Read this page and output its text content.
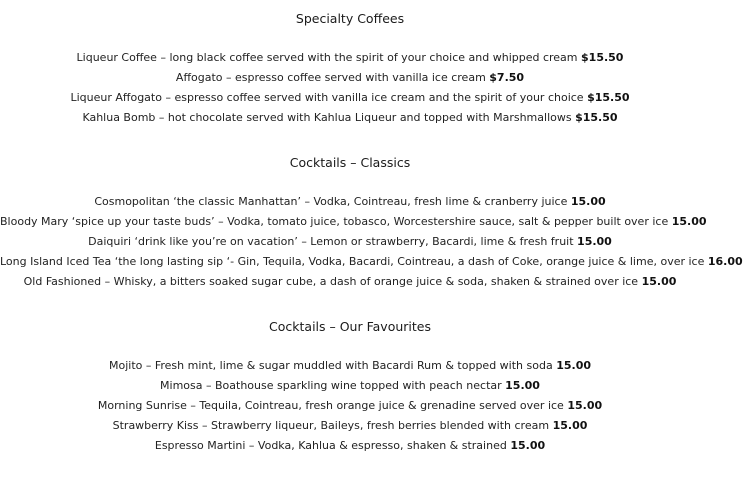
Specialty Coffees
Liqueur Coffee – long black coffee served with the spirit of your choice and whipped cream $15.50
Affogato – espresso coffee served with vanilla ice cream $7.50
Liqueur Affogato – espresso coffee served with vanilla ice cream and the spirit of your choice $15.50
Kahlua Bomb – hot chocolate served with Kahlua Liqueur and topped with Marshmallows $15.50
Cocktails – Classics
Cosmopolitan ‘the classic Manhattan’ – Vodka, Cointreau, fresh lime & cranberry juice 15.00
Bloody Mary ‘spice up your taste buds’ – Vodka, tomato juice, tobasco, Worcestershire sauce, salt & pepper built over ice 15.00
Daiquiri ‘drink like you’re on vacation’ – Lemon or strawberry, Bacardi, lime & fresh fruit 15.00
Long Island Iced Tea ‘the long lasting sip ‘- Gin, Tequila, Vodka, Bacardi, Cointreau, a dash of Coke, orange juice & lime, over ice 16.00
Old Fashioned – Whisky, a bitters soaked sugar cube, a dash of orange juice & soda, shaken & strained over ice 15.00
Cocktails – Our Favourites
Mojito – Fresh mint, lime & sugar muddled with Bacardi Rum & topped with soda 15.00
Mimosa – Boathouse sparkling wine topped with peach nectar 15.00
Morning Sunrise – Tequila, Cointreau, fresh orange juice & grenadine served over ice 15.00
Strawberry Kiss – Strawberry liqueur, Baileys, fresh berries blended with cream 15.00
Espresso Martini – Vodka, Kahlua & espresso, shaken & strained 15.00
